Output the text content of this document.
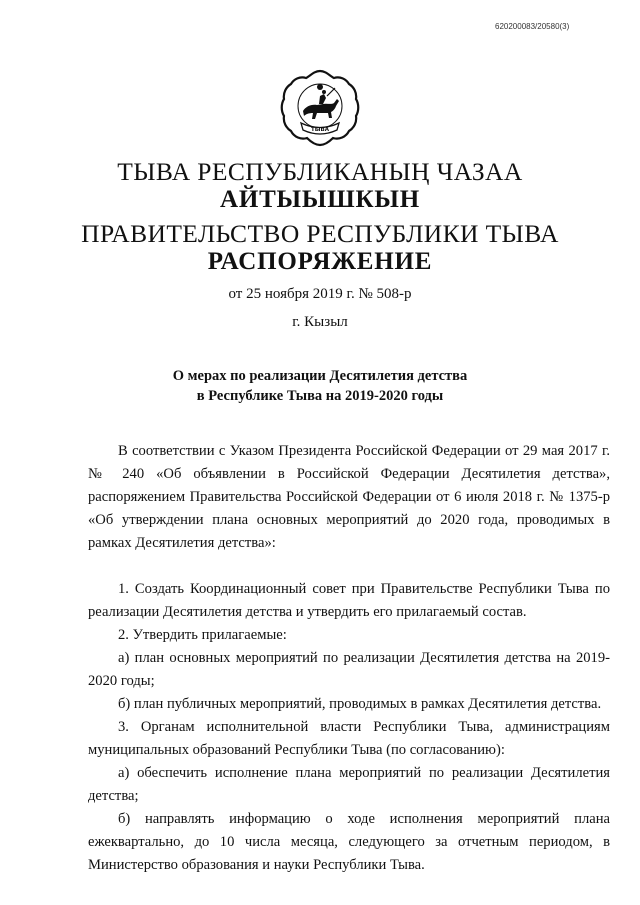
620200083/20580(3)
ТЫВА
ТЫВА РЕСПУБЛИКАНЫҢ ЧАЗАА
АЙТЫЫШКЫН
ПРАВИТЕЛЬСТВО РЕСПУБЛИКИ ТЫВА
РАСПОРЯЖЕНИЕ
от 25 ноября 2019 г. № 508-р
г. Кызыл
О мерах по реализации Десятилетия детства
в Республике Тыва на 2019-2020 годы

В соответствии с Указом Президента Российской Федерации от 29 мая 2017 г. № 240 «Об объявлении в Российской Федерации Десятилетия детства», распоряжением Правительства Российской Федерации от 6 июля 2018 г. № 1375-р «Об утверждении плана основных мероприятий до 2020 года, проводимых в рамках Десятилетия детства»:

1. Создать Координационный совет при Правительстве Республики Тыва по реализации Десятилетия детства и утвердить его прилагаемый состав.

2. Утвердить прилагаемые:

а) план основных мероприятий по реализации Десятилетия детства на 2019-2020 годы;

б) план публичных мероприятий, проводимых в рамках Десятилетия детства.

3. Органам исполнительной власти Республики Тыва, администрациям муниципальных образований Республики Тыва (по согласованию):

а) обеспечить исполнение плана мероприятий по реализации Десятилетия детства;

б) направлять информацию о ходе исполнения мероприятий плана ежеквартально, до 10 числа месяца, следующего за отчетным периодом, в Министерство образования и науки Республики Тыва.
